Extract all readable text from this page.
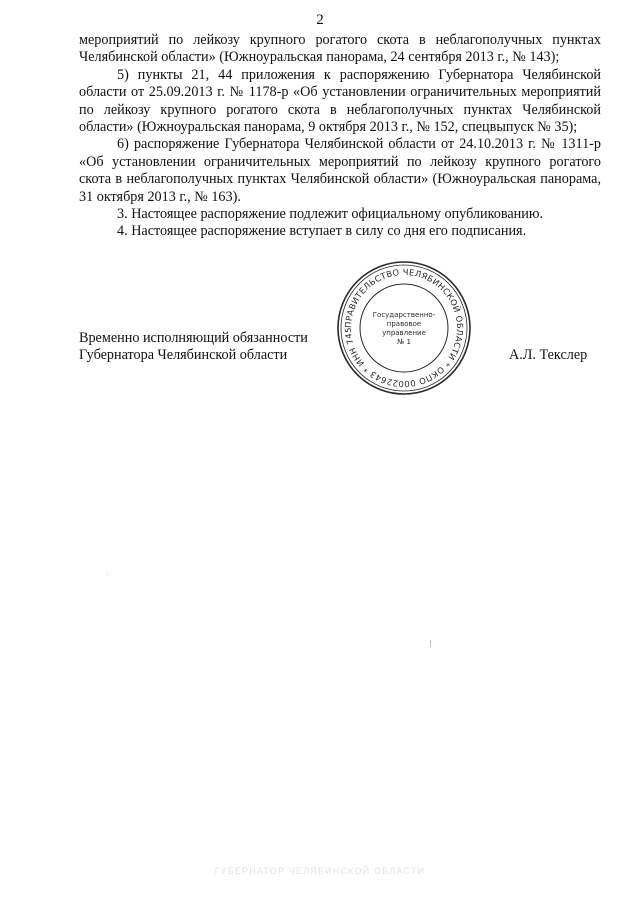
2

мероприятий по лейкозу крупного рогатого скота в неблагополучных пунктах Челябинской области» (Южноуральская панорама, 24 сентября 2013 г., № 143);

5) пункты 21, 44 приложения к распоряжению Губернатора Челябинской области от 25.09.2013 г. № 1178-р «Об установлении ограничительных мероприятий по лейкозу крупного рогатого скота в неблагополучных пунктах Челябинской области» (Южноуральская панорама, 9 октября 2013 г., № 152, спецвыпуск № 35);

6) распоряжение Губернатора Челябинской области от 24.10.2013 г. № 1311-р «Об установлении ограничительных мероприятий по лейкозу крупного рогатого скота в неблагополучных пунктах Челябинской области» (Южноуральская панорама, 31 октября 2013 г., № 163).

3. Настоящее распоряжение подлежит официальному опубликованию.

4. Настоящее распоряжение вступает в силу со дня его подписания.

ПРАВИТЕЛЬСТВО ЧЕЛЯБИНСКОЙ ОБЛАСТИ * ОКПО 00022643 * ИНН 745
Государственно-
правовое
управление
№ 1
Временно исполняющий обязанности
Губернатора Челябинской области	А.Л. Текслер
ГУБЕРНАТОР ЧЕЛЯБИНСКОЙ ОБЛАСТИ
